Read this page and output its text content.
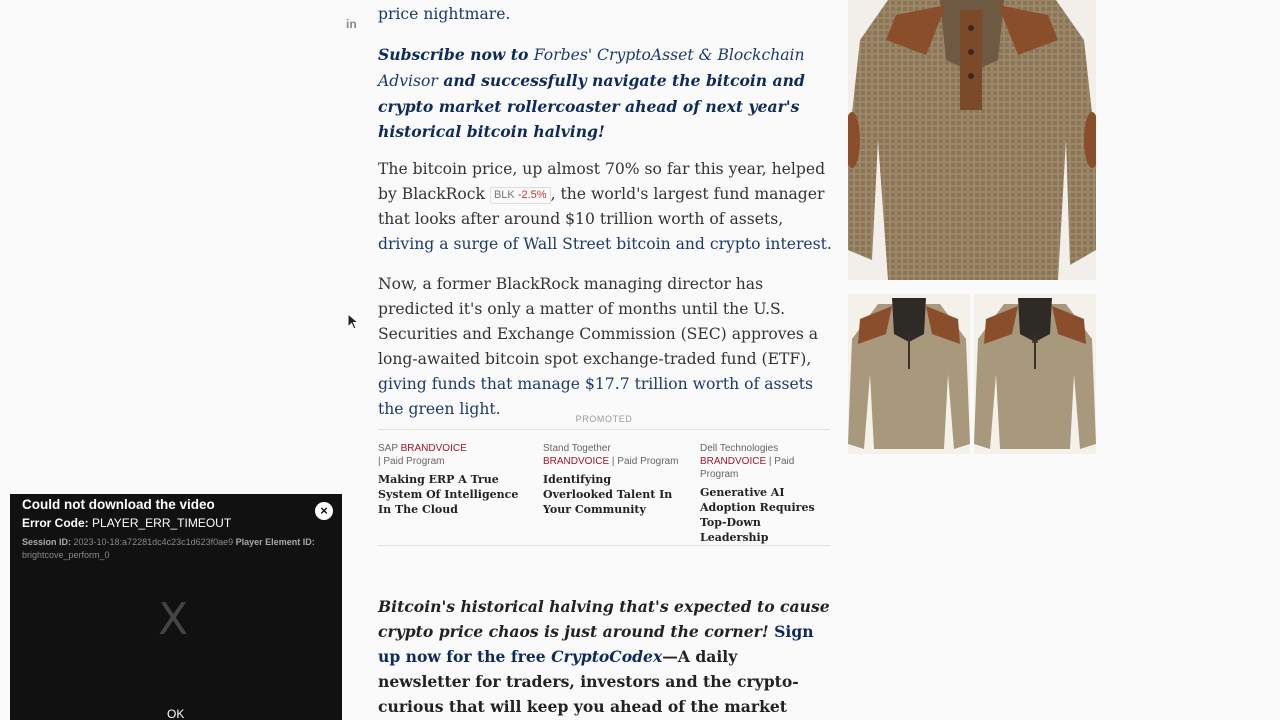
in

price nightmare.

Subscribe now to Forbes' CryptoAsset & Blockchain Advisor and successfully navigate the bitcoin and crypto market rollercoaster ahead of next year's historical bitcoin halving!

The bitcoin price, up almost 70% so far this year, helped by BlackRock BLK -2.5% , the world's largest fund manager that looks after around $10 trillion worth of assets, driving a surge of Wall Street bitcoin and crypto interest.

Now, a former BlackRock managing director has predicted it's only a matter of months until the U.S. Securities and Exchange Commission (SEC) approves a long-awaited bitcoin spot exchange-traded fund (ETF), giving funds that manage $17.7 trillion worth of assets the green light.

PROMOTED
SAP BRANDVOICE
| Paid Program
Making ERP A True System Of Intelligence In The Cloud
Stand Together
BRANDVOICE | Paid Program
Identifying Overlooked Talent In Your Community
Dell Technologies
BRANDVOICE | Paid Program
Generative AI Adoption Requires Top-Down Leadership

Bitcoin's historical halving that's expected to cause crypto price chaos is just around the corner! Sign up now for the free CryptoCodex—A daily newsletter for traders, investors and the crypto-curious that will keep you ahead of the market

Could not download the video
Error Code: PLAYER_ERR_TIMEOUT
Session ID: 2023-10-18:a72281dc4c23c1d623f0ae9 Player Element ID:
brightcove_perform_0
×
X
OK
